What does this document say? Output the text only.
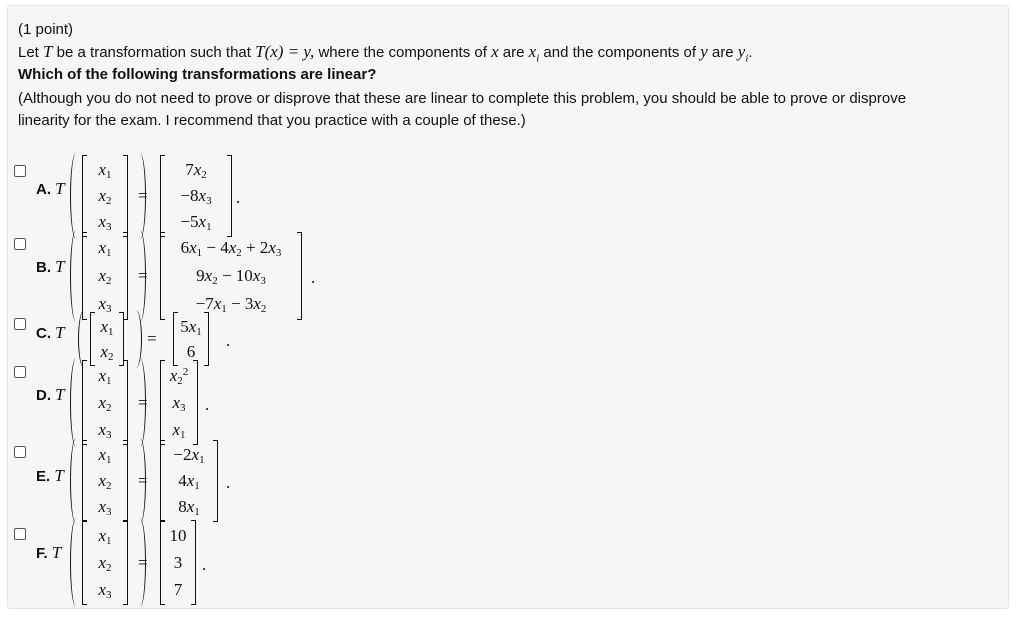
(1 point)
Let T be a transformation such that T(x) = y, where the components of x are $x_i$ and the components of y are $y_i$.
Which of the following transformations are linear?
(Although you do not need to prove or disprove that these are linear to complete this problem, you should be able to prove or disprove
linearity for the exam. I recommend that you practice with a couple of these.)
A. T
$x_1$
$x_2$
$x_3$
=
$7x_2$
$-8x_3$
$-5x_1$
.
B. T
$x_1$
$x_2$
$x_3$
=
$6x_1 - 4x_2 + 2x_3$
$9x_2 - 10x_3$
$-7x_1 - 3x_2$
.
C. T $x_1$
$x_2$
=
$5x_1$
6
.
D. T
$x_1$
$x_2$
$x_3$
=
$x_2^2$
$x_3$
$x_1$
.
E. T
$x_1$
$x_2$
$x_3$
=
$-2x_1$
$4x_1$
$8x_1$
.
F. T
$x_1$
$x_2$
$x_3$
=
10
3
7
.
